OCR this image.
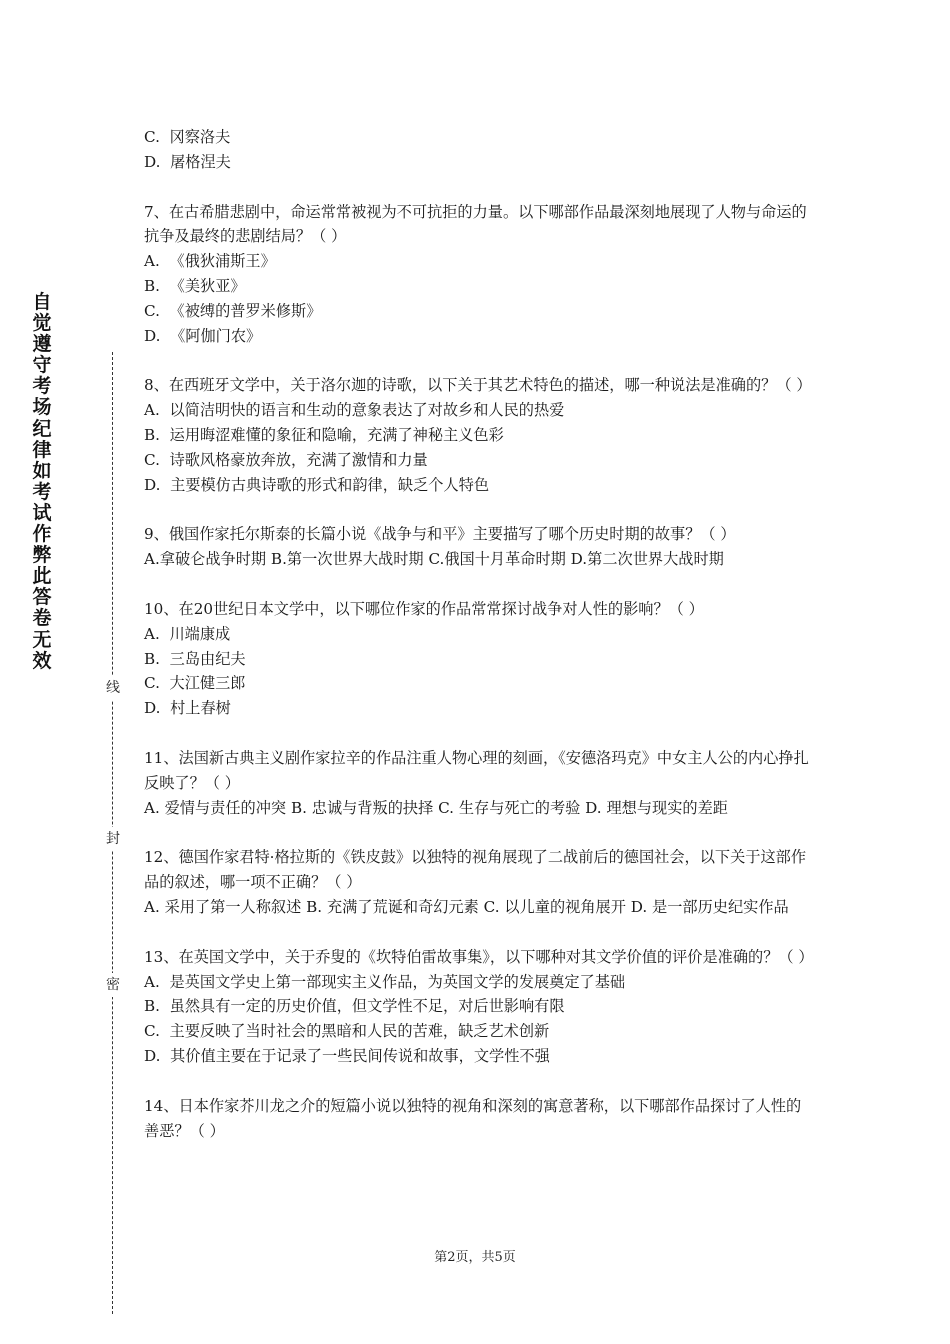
自觉遵守考场纪律如考试作弊此答卷无效
线
封
密

C.  冈察洛夫

D.  屠格涅夫

7、在古希腊悲剧中，命运常常被视为不可抗拒的力量。以下哪部作品最深刻地展现了人物与命运的抗争及最终的悲剧结局？（ ）

A.  《俄狄浦斯王》

B.  《美狄亚》

C.  《被缚的普罗米修斯》

D.  《阿伽门农》

8、在西班牙文学中，关于洛尔迦的诗歌，以下关于其艺术特色的描述，哪一种说法是准确的？（ ）

A.  以简洁明快的语言和生动的意象表达了对故乡和人民的热爱

B.  运用晦涩难懂的象征和隐喻，充满了神秘主义色彩

C.  诗歌风格豪放奔放，充满了激情和力量

D.  主要模仿古典诗歌的形式和韵律，缺乏个人特色

9、俄国作家托尔斯泰的长篇小说《战争与和平》主要描写了哪个历史时期的故事？（ ）

A.拿破仑战争时期 B.第一次世界大战时期 C.俄国十月革命时期 D.第二次世界大战时期

10、在20世纪日本文学中，以下哪位作家的作品常常探讨战争对人性的影响？（ ）

A.  川端康成

B.  三岛由纪夫

C.  大江健三郎

D.  村上春树

11、法国新古典主义剧作家拉辛的作品注重人物心理的刻画，《安德洛玛克》中女主人公的内心挣扎反映了？（ ）

A. 爱情与责任的冲突 B. 忠诚与背叛的抉择 C. 生存与死亡的考验 D. 理想与现实的差距

12、德国作家君特·格拉斯的《铁皮鼓》以独特的视角展现了二战前后的德国社会，以下关于这部作品的叙述，哪一项不正确？（ ）

A. 采用了第一人称叙述 B. 充满了荒诞和奇幻元素 C. 以儿童的视角展开 D. 是一部历史纪实作品

13、在英国文学中，关于乔叟的《坎特伯雷故事集》，以下哪种对其文学价值的评价是准确的？（ ）

A.  是英国文学史上第一部现实主义作品，为英国文学的发展奠定了基础

B.  虽然具有一定的历史价值，但文学性不足，对后世影响有限

C.  主要反映了当时社会的黑暗和人民的苦难，缺乏艺术创新

D.  其价值主要在于记录了一些民间传说和故事，文学性不强

14、日本作家芥川龙之介的短篇小说以独特的视角和深刻的寓意著称，以下哪部作品探讨了人性的善恶？（ ）

第2页，共5页
